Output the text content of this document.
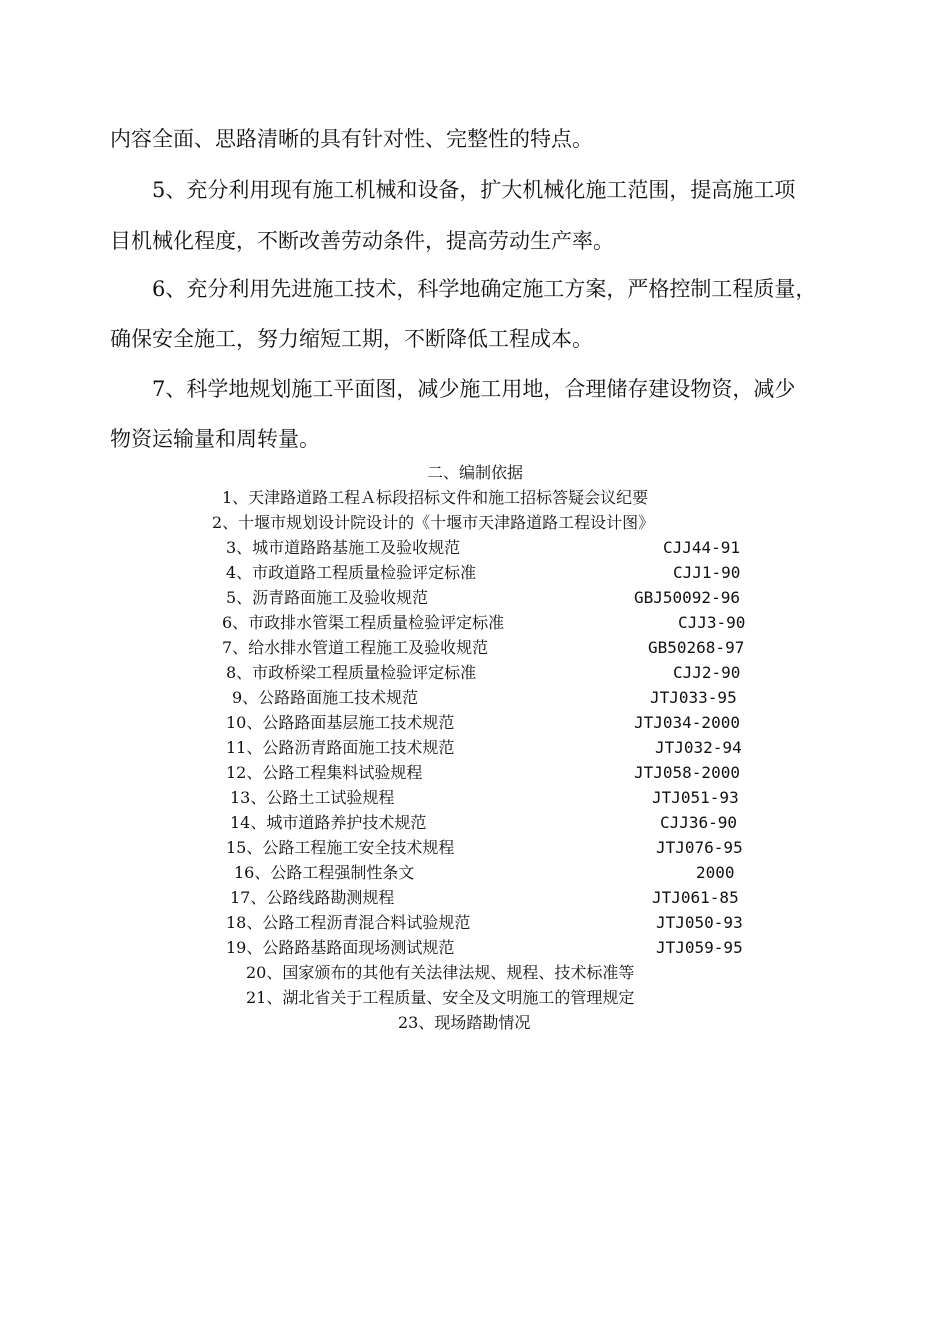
内容全面、思路清晰的具有针对性、完整性的特点。

5、充分利用现有施工机械和设备，扩大机械化施工范围，提高施工项

目机械化程度，不断改善劳动条件，提高劳动生产率。

6、充分利用先进施工技术，科学地确定施工方案，严格控制工程质量，

确保安全施工，努力缩短工期，不断降低工程成本。

7、科学地规划施工平面图，减少施工用地，合理储存建设物资，减少

物资运输量和周转量。

二、编制依据

1、天津路道路工程Ａ标段招标文件和施工招标答疑会议纪要
2、十堰市规划设计院设计的《十堰市天津路道路工程设计图》
3、城市道路路基施工及验收规范	CJJ44-91
4、市政道路工程质量检验评定标准	CJJ1-90
5、沥青路面施工及验收规范	GBJ50092-96
6、市政排水管渠工程质量检验评定标准	CJJ3-90
7、给水排水管道工程施工及验收规范	GB50268-97
8、市政桥梁工程质量检验评定标准	CJJ2-90
9、公路路面施工技术规范	JTJ033-95
10、公路路面基层施工技术规范	JTJ034-2000
11、公路沥青路面施工技术规范	JTJ032-94
12、公路工程集料试验规程	JTJ058-2000
13、公路土工试验规程	JTJ051-93
14、城市道路养护技术规范	CJJ36-90
15、公路工程施工安全技术规程	JTJ076-95
16、公路工程强制性条文	2000
17、公路线路勘测规程	JTJ061-85
18、公路工程沥青混合料试验规范	JTJ050-93
19、公路路基路面现场测试规范	JTJ059-95
20、国家颁布的其他有关法律法规、规程、技术标准等
21、湖北省关于工程质量、安全及文明施工的管理规定
23、现场踏勘情况
